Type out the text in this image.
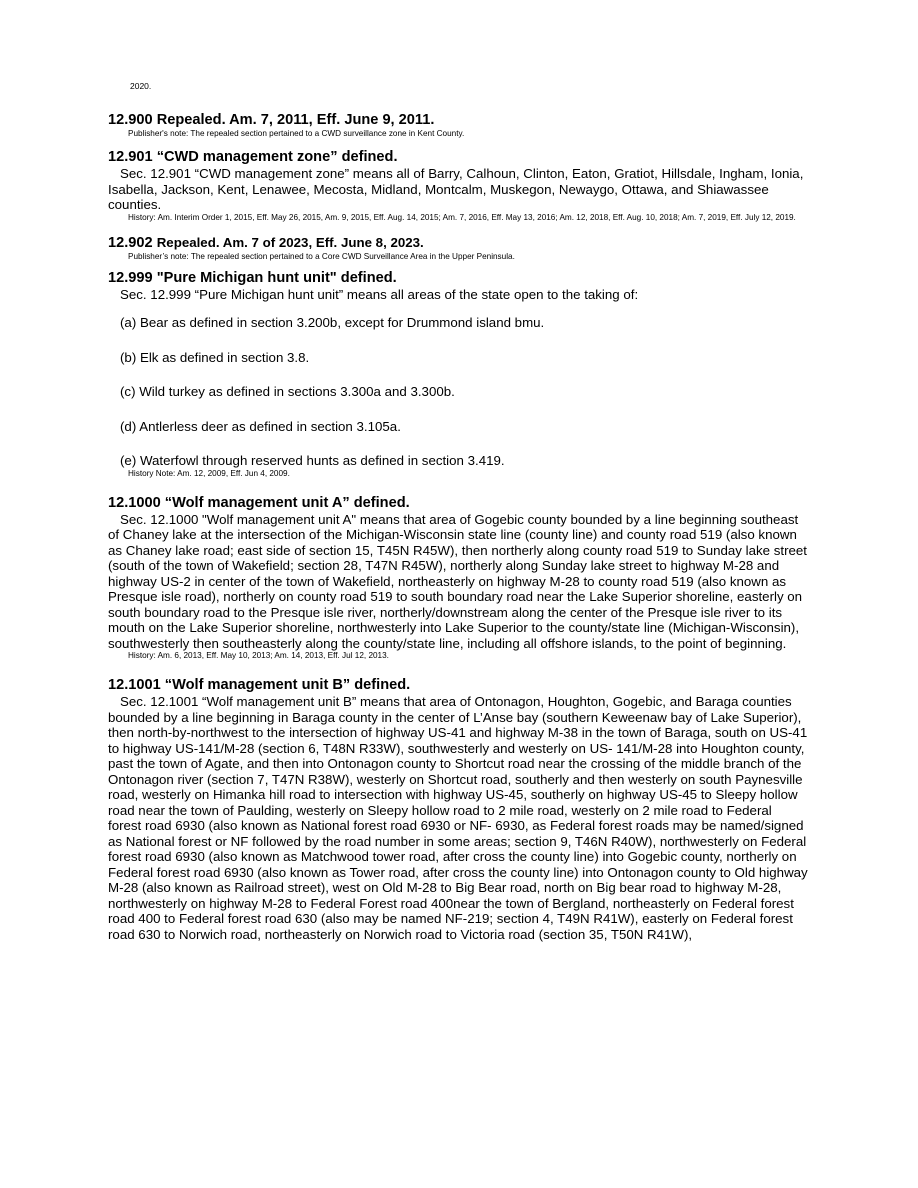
2020.
12.900 Repealed. Am. 7, 2011, Eff. June 9, 2011.

Publisher's note: The repealed section pertained to a CWD surveillance zone in Kent County.

12.901 “CWD management zone” defined.

Sec. 12.901 “CWD management zone” means all of Barry, Calhoun, Clinton, Eaton, Gratiot, Hillsdale, Ingham, Ionia, Isabella, Jackson, Kent, Lenawee, Mecosta, Midland, Montcalm, Muskegon, Newaygo, Ottawa, and Shiawassee counties.

History: Am. Interim Order 1, 2015, Eff. May 26, 2015, Am. 9, 2015, Eff. Aug. 14, 2015; Am. 7, 2016, Eff. May 13, 2016; Am. 12, 2018, Eff. Aug. 10, 2018; Am. 7, 2019, Eff. July 12, 2019.

12.902 Repealed. Am. 7 of 2023, Eff. June 8, 2023.

Publisher’s note: The repealed section pertained to a Core CWD Surveillance Area in the Upper Peninsula.

12.999 "Pure Michigan hunt unit" defined.

Sec. 12.999 “Pure Michigan hunt unit” means all areas of the state open to the taking of:

(a) Bear as defined in section 3.200b, except for Drummond island bmu.

(b) Elk as defined in section 3.8.

(c) Wild turkey as defined in sections 3.300a and 3.300b.

(d) Antlerless deer as defined in section 3.105a.

(e) Waterfowl through reserved hunts as defined in section 3.419.

History Note: Am. 12, 2009, Eff. Jun 4, 2009.

12.1000 “Wolf management unit A” defined.

Sec. 12.1000 "Wolf management unit A" means that area of Gogebic county bounded by a line beginning southeast of Chaney lake at the intersection of the Michigan-Wisconsin state line (county line) and county road 519 (also known as Chaney lake road; east side of section 15, T45N R45W), then northerly along county road 519 to Sunday lake street (south of the town of Wakefield; section 28, T47N R45W), northerly along Sunday lake street to highway M-28 and highway US-2 in center of the town of Wakefield, northeasterly on highway M-28 to county road 519 (also known as Presque isle road), northerly on county road 519 to south boundary road near the Lake Superior shoreline, easterly on south boundary road to the Presque isle river, northerly/downstream along the center of the Presque isle river to its mouth on the Lake Superior shoreline, northwesterly into Lake Superior to the county/state line (Michigan-Wisconsin), southwesterly then southeasterly along the county/state line, including all offshore islands, to the point of beginning.

History: Am. 6, 2013, Eff. May 10, 2013; Am. 14, 2013, Eff. Jul 12, 2013.

12.1001 “Wolf management unit B” defined.

Sec. 12.1001 “Wolf management unit B” means that area of Ontonagon, Houghton, Gogebic, and Baraga counties bounded by a line beginning in Baraga county in the center of L’Anse bay (southern Keweenaw bay of Lake Superior), then north-by-northwest to the intersection of highway US-41 and highway M-38 in the town of Baraga, south on US-41 to highway US-141/M-28 (section 6, T48N R33W), southwesterly and westerly on US- 141/M-28 into Houghton county, past the town of Agate, and then into Ontonagon county to Shortcut road near the crossing of the middle branch of the Ontonagon river (section 7, T47N R38W), westerly on Shortcut road, southerly and then westerly on south Paynesville road, westerly on Himanka hill road to intersection with highway US-45, southerly on highway US-45 to Sleepy hollow road near the town of Paulding, westerly on Sleepy hollow road to 2 mile road, westerly on 2 mile road to Federal forest road 6930 (also known as National forest road 6930 or NF- 6930, as Federal forest roads may be named/signed as National forest or NF followed by the road number in some areas; section 9, T46N R40W), northwesterly on Federal forest road 6930 (also known as Matchwood tower road, after cross the county line) into Gogebic county, northerly on Federal forest road 6930 (also known as Tower road, after cross the county line) into Ontonagon county to Old highway M-28 (also known as Railroad street), west on Old M-28 to Big Bear road, north on Big bear road to highway M-28, northwesterly on highway M-28 to Federal Forest road 400near the town of Bergland, northeasterly on Federal forest road 400 to Federal forest road 630 (also may be named NF-219; section 4, T49N R41W), easterly on Federal forest road 630 to Norwich road, northeasterly on Norwich road to Victoria road (section 35, T50N R41W),
